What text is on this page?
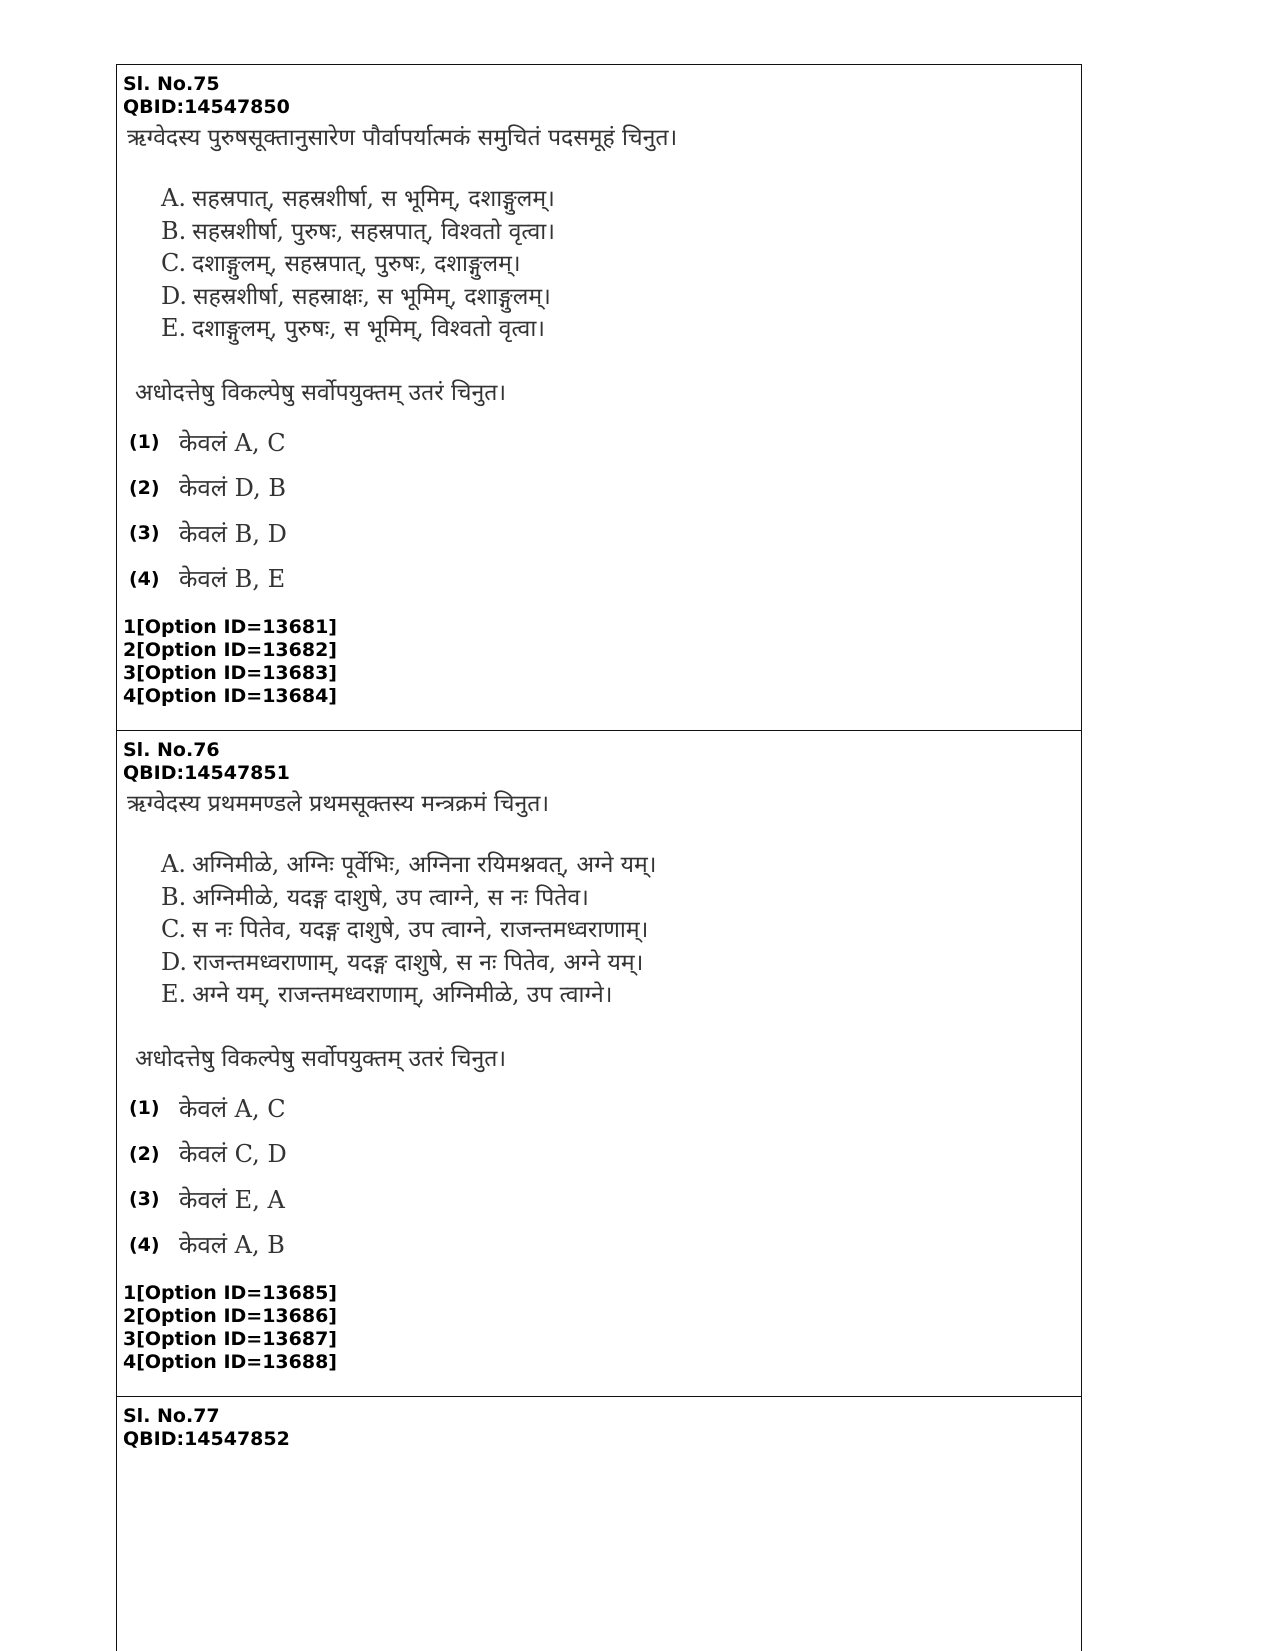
Sl. No.75
QBID:14547850
ऋग्वेदस्य पुरुषसूक्तानुसारेण पौर्वापर्यात्मकं समुचितं पदसमूहं चिनुत।
A. सहस्रपात्, सहस्रशीर्षा, स भूमिम्, दशाङ्गुलम्।
B. सहस्रशीर्षा, पुरुषः, सहस्रपात्, विश्वतो वृत्वा।
C. दशाङ्गुलम्, सहस्रपात्, पुरुषः, दशाङ्गुलम्।
D. सहस्रशीर्षा, सहस्राक्षः, स भूमिम्, दशाङ्गुलम्।
E. दशाङ्गुलम्, पुरुषः, स भूमिम्, विश्वतो वृत्वा।
अधोदत्तेषु विकल्पेषु सर्वोपयुक्तम् उतरं चिनुत।
(1) केवलं A, C
(2) केवलं D, B
(3) केवलं B, D
(4) केवलं B, E
1[Option ID=13681]
2[Option ID=13682]
3[Option ID=13683]
4[Option ID=13684]
Sl. No.76
QBID:14547851
ऋग्वेदस्य प्रथममण्डले प्रथमसूक्तस्य मन्त्रक्रमं चिनुत।
A. अग्निमीळे, अग्निः पूर्वेभिः, अग्निना रयिमश्नवत्, अग्ने यम्।
B. अग्निमीळे, यदङ्ग दाशुषे, उप त्वाग्ने, स नः पितेव।
C. स नः पितेव, यदङ्ग दाशुषे, उप त्वाग्ने, राजन्तमध्वराणाम्।
D. राजन्तमध्वराणाम्, यदङ्ग दाशुषे, स नः पितेव, अग्ने यम्।
E. अग्ने यम्, राजन्तमध्वराणाम्, अग्निमीळे, उप त्वाग्ने।
अधोदत्तेषु विकल्पेषु सर्वोपयुक्तम् उतरं चिनुत।
(1) केवलं A, C
(2) केवलं C, D
(3) केवलं E, A
(4) केवलं A, B
1[Option ID=13685]
2[Option ID=13686]
3[Option ID=13687]
4[Option ID=13688]
Sl. No.77
QBID:14547852
